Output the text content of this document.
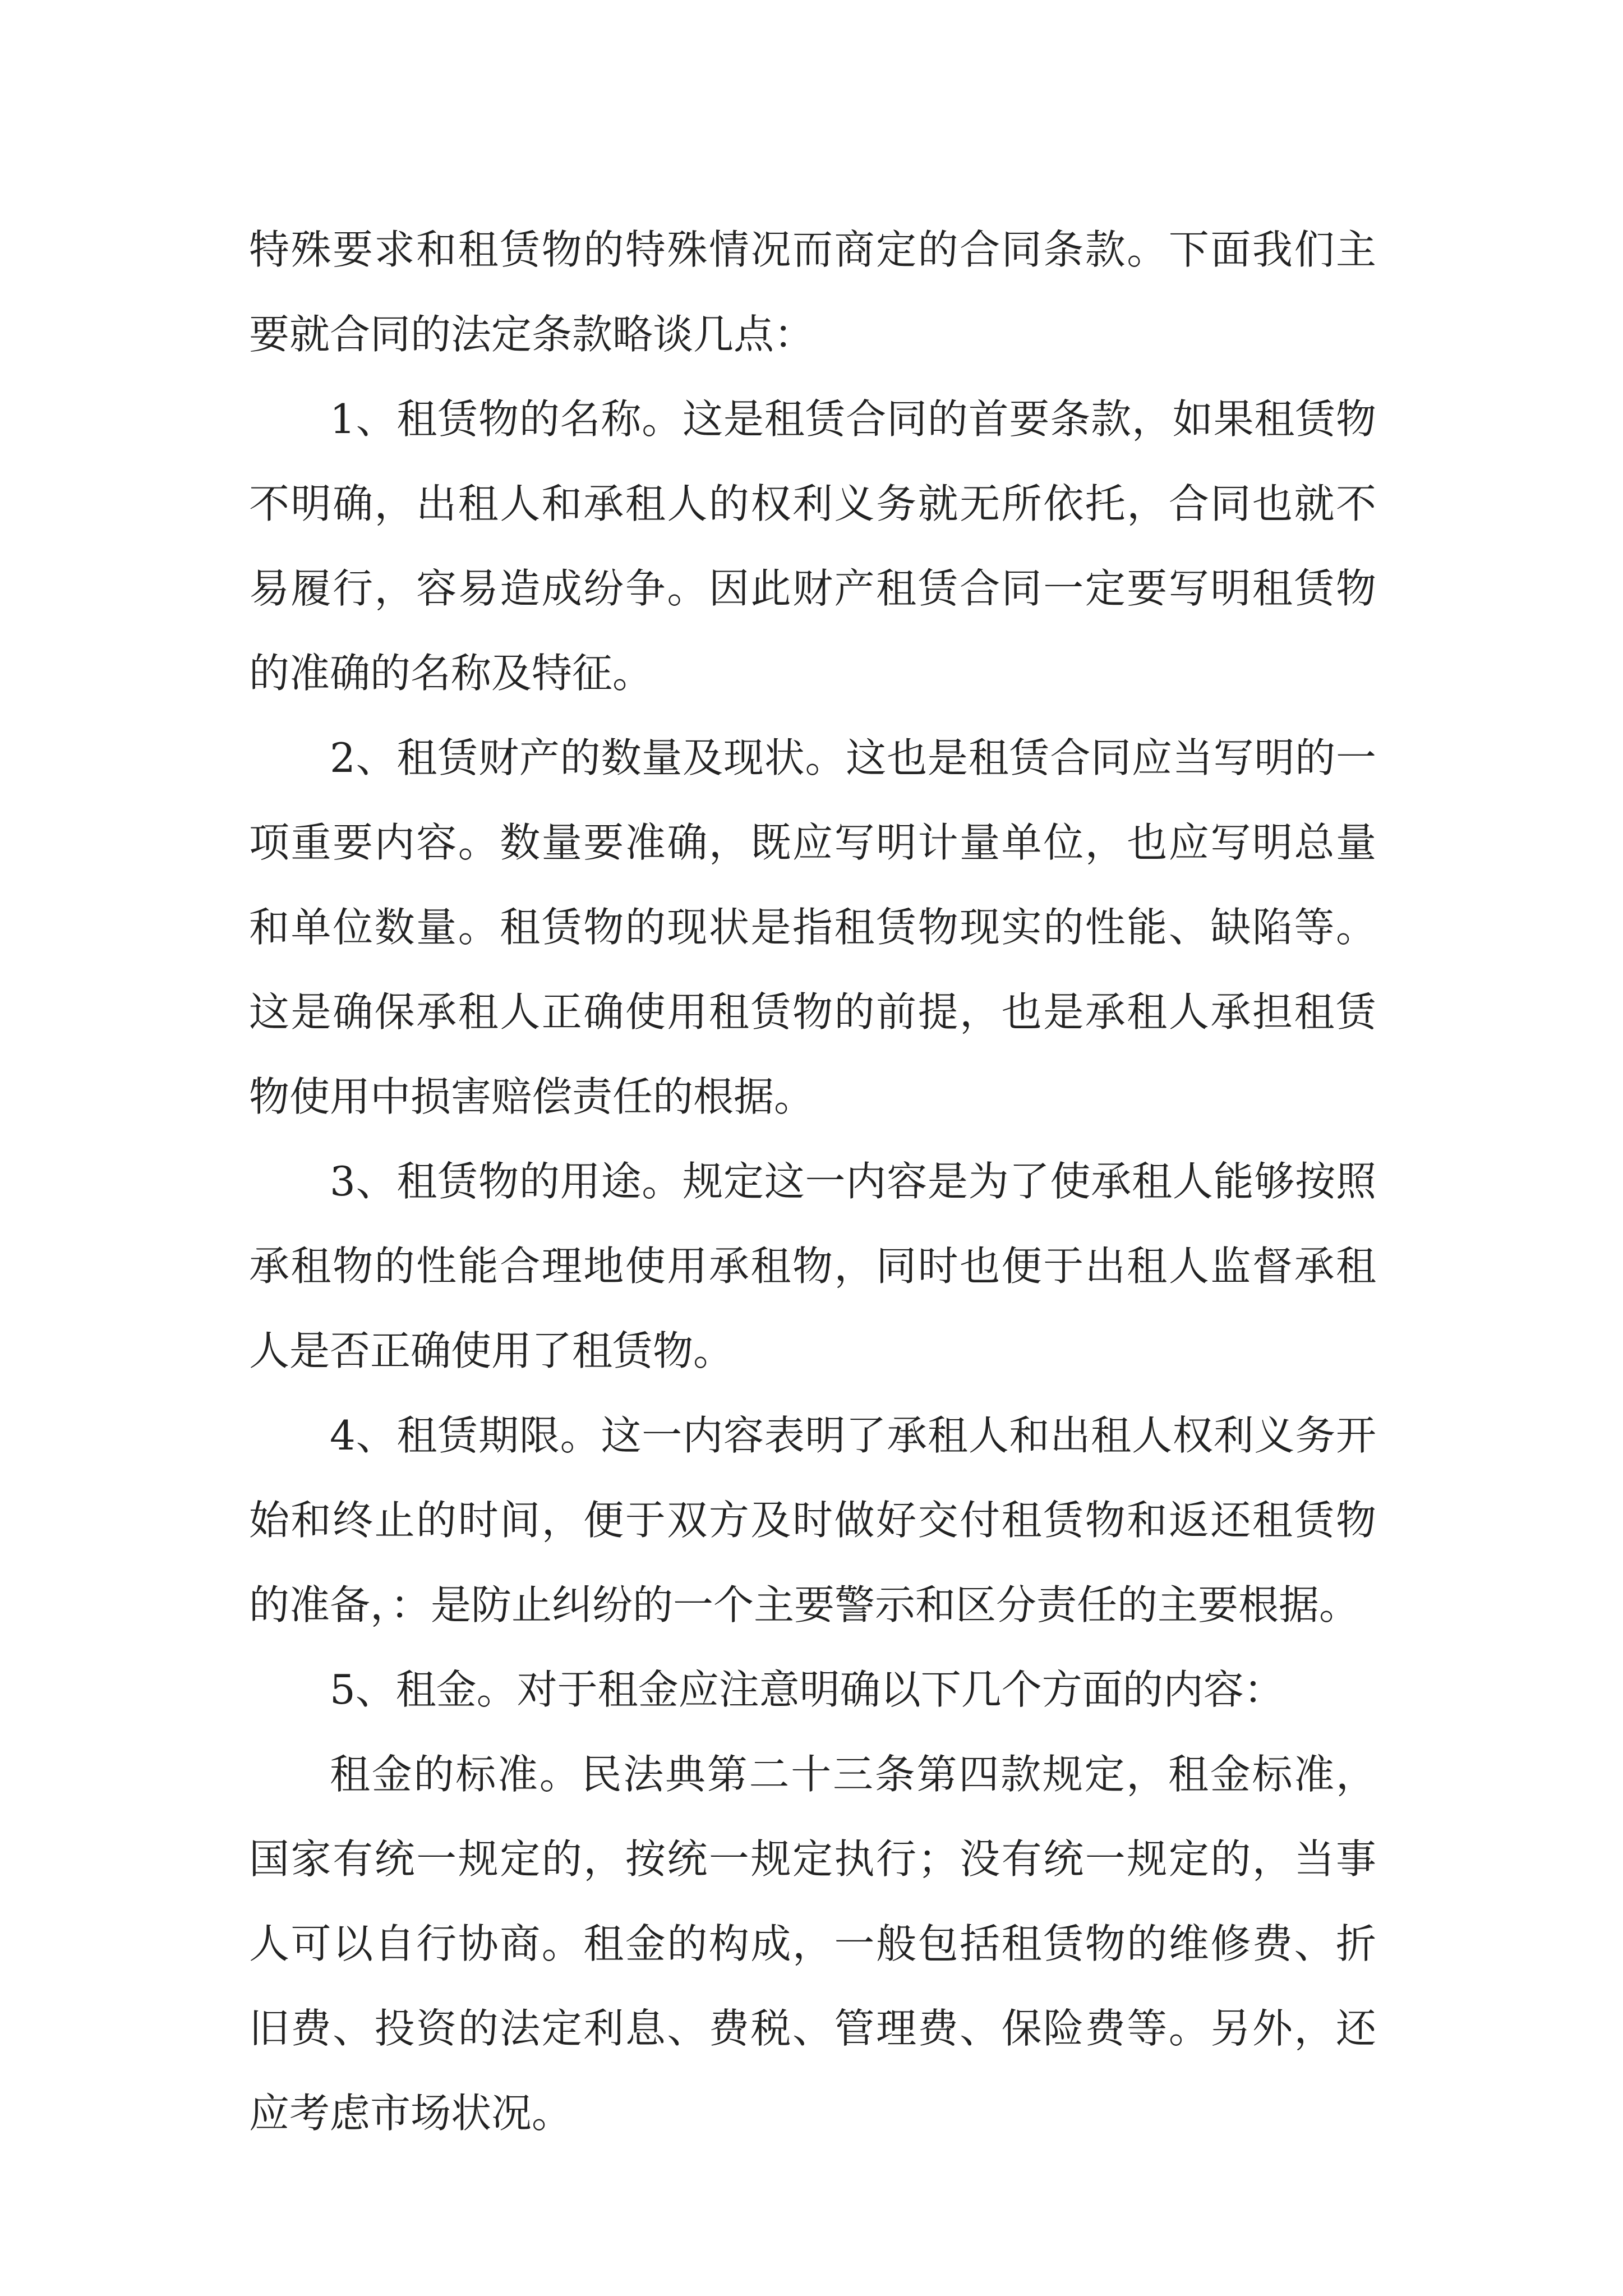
特殊要求和租赁物的特殊情况而商定的合同条款。下面我们主要就合同的法定条款略谈几点：

1、租赁物的名称。这是租赁合同的首要条款，如果租赁物不明确，出租人和承租人的权利义务就无所依托，合同也就不易履行，容易造成纷争。因此财产租赁合同一定要写明租赁物的准确的名称及特征。

2、租赁财产的数量及现状。这也是租赁合同应当写明的一项重要内容。数量要准确，既应写明计量单位，也应写明总量和单位数量。租赁物的现状是指租赁物现实的性能、缺陷等。这是确保承租人正确使用租赁物的前提，也是承租人承担租赁物使用中损害赔偿责任的根据。

3、租赁物的用途。规定这一内容是为了使承租人能够按照承租物的性能合理地使用承租物，同时也便于出租人监督承租人是否正确使用了租赁物。

4、租赁期限。这一内容表明了承租人和出租人权利义务开始和终止的时间，便于双方及时做好交付租赁物和返还租赁物的准备，：是防止纠纷的一个主要警示和区分责任的主要根据。

5、租金。对于租金应注意明确以下几个方面的内容：

租金的标准。民法典第二十三条第四款规定，租金标准，国家有统一规定的，按统一规定执行；没有统一规定的，当事人可以自行协商。租金的构成，一般包括租赁物的维修费、折旧费、投资的法定利息、费税、管理费、保险费等。另外，还应考虑市场状况。
